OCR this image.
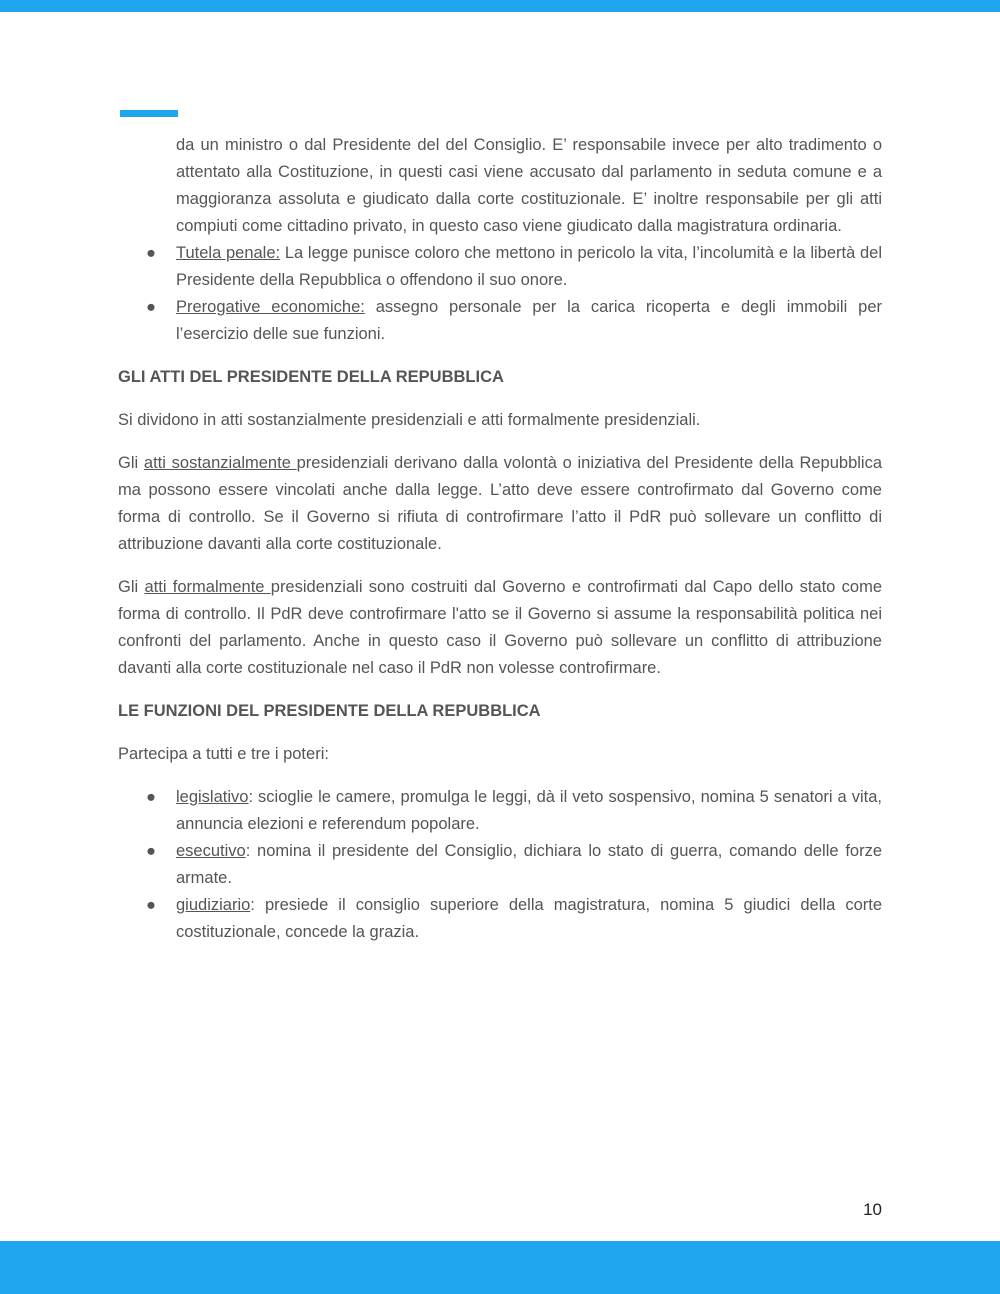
da un ministro o dal Presidente del del Consiglio. E’ responsabile invece per alto tradimento o attentato alla Costituzione, in questi casi viene accusato dal parlamento in seduta comune e a maggioranza assoluta e giudicato dalla corte costituzionale. E’ inoltre responsabile per gli atti compiuti come cittadino privato, in questo caso viene giudicato dalla magistratura ordinaria.

● Tutela penale: La legge punisce coloro che mettono in pericolo la vita, l’incolumità e la libertà del Presidente della Repubblica o offendono il suo onore.
● Prerogative economiche: assegno personale per la carica ricoperta e degli immobili per l’esercizio delle sue funzioni.

GLI ATTI DEL PRESIDENTE DELLA REPUBBLICA

Si dividono in atti sostanzialmente presidenziali e atti formalmente presidenziali.

Gli atti sostanzialmente presidenziali derivano dalla volontà o iniziativa del Presidente della Repubblica ma possono essere vincolati anche dalla legge. L’atto deve essere controfirmato dal Governo come forma di controllo. Se il Governo si rifiuta di controfirmare l’atto il PdR può sollevare un conflitto di attribuzione davanti alla corte costituzionale.

Gli atti formalmente presidenziali sono costruiti dal Governo e controfirmati dal Capo dello stato come forma di controllo. Il PdR deve controfirmare l'atto se il Governo si assume la responsabilità politica nei confronti del parlamento. Anche in questo caso il Governo può sollevare un conflitto di attribuzione davanti alla corte costituzionale nel caso il PdR non volesse controfirmare.

LE FUNZIONI DEL PRESIDENTE DELLA REPUBBLICA

Partecipa a tutti e tre i poteri:

● legislativo: scioglie le camere, promulga le leggi, dà il veto sospensivo, nomina 5 senatori a vita, annuncia elezioni e referendum popolare.
● esecutivo: nomina il presidente del Consiglio, dichiara lo stato di guerra, comando delle forze armate.
● giudiziario: presiede il consiglio superiore della magistratura, nomina 5 giudici della corte costituzionale, concede la grazia.
10
